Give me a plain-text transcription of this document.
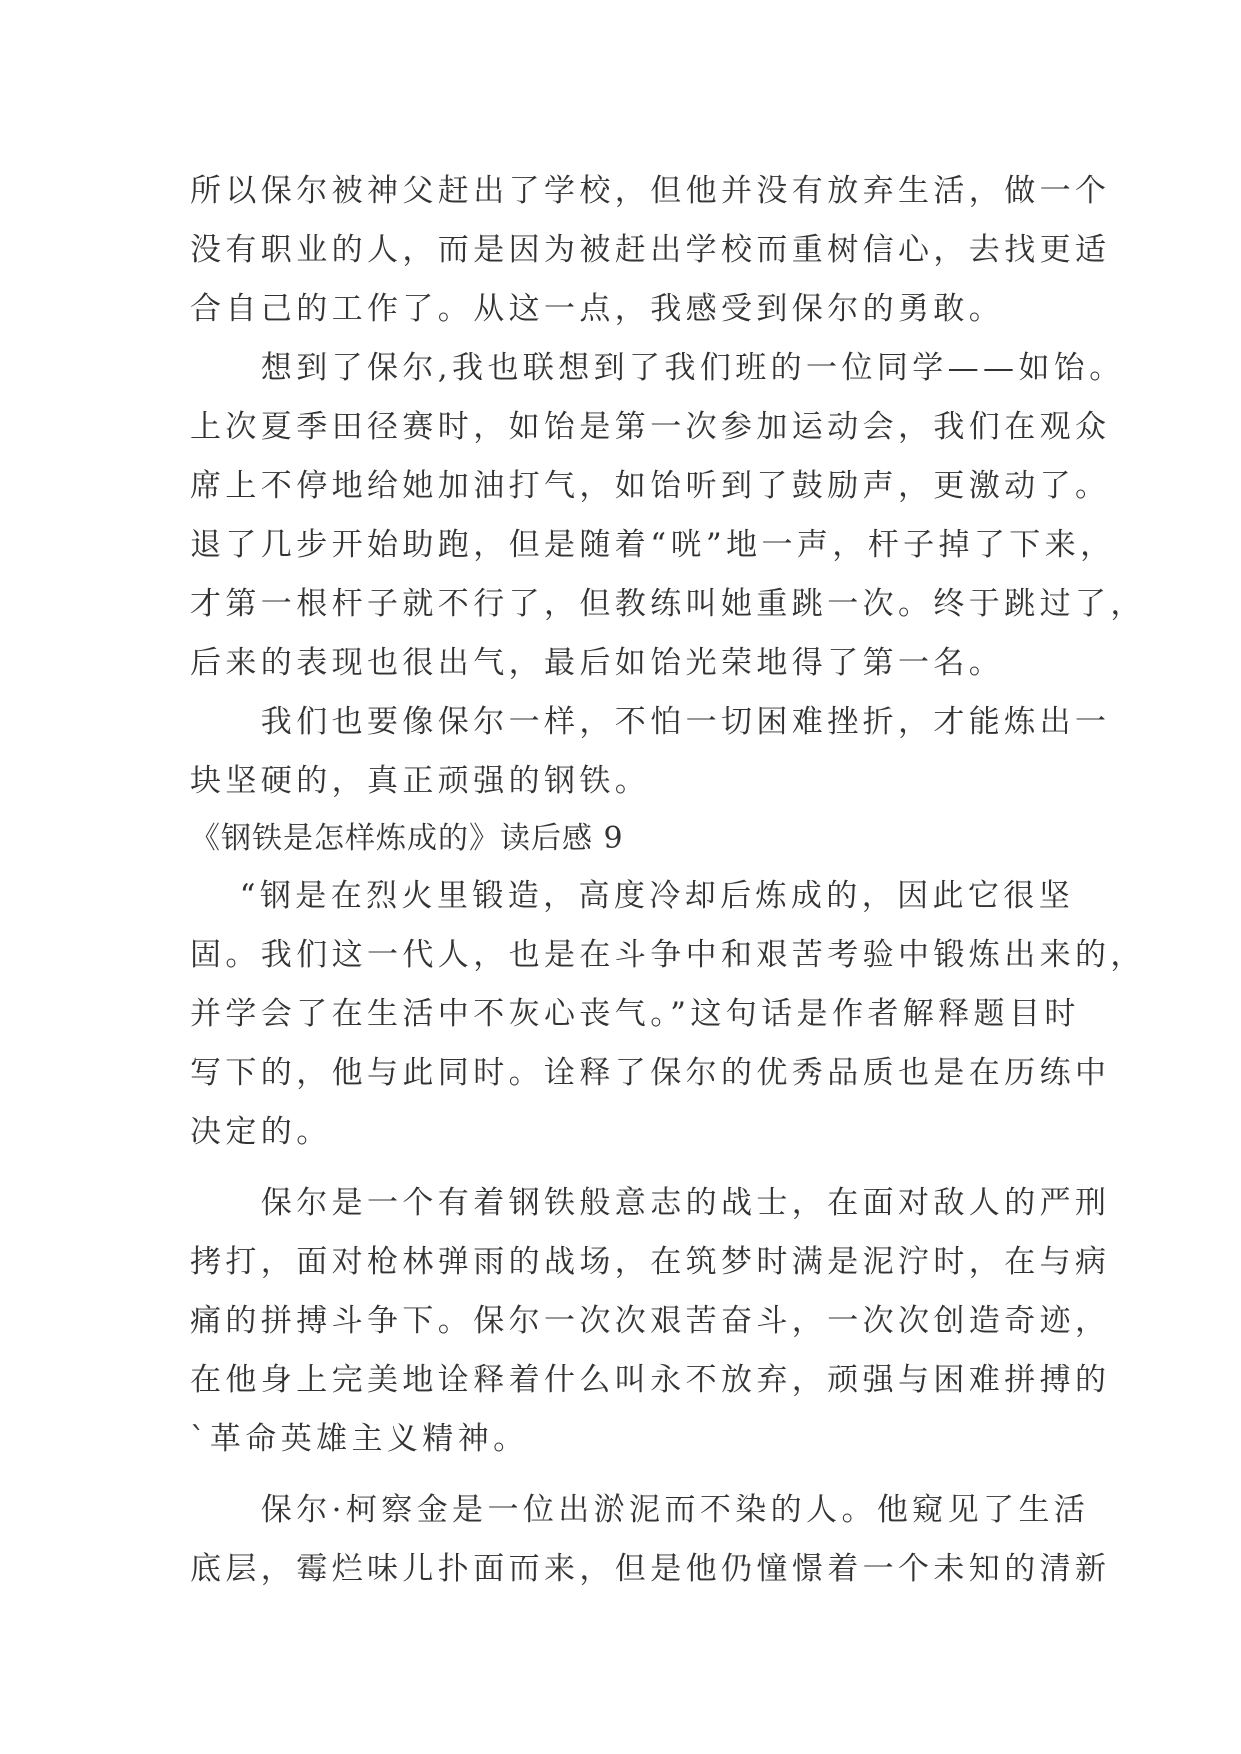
所以保尔被神父赶出了学校，但他并没有放弃生活，做一个
没有职业的人，而是因为被赶出学校而重树信心，去找更适
合自己的工作了。从这一点，我感受到保尔的勇敢。
　　想到了保尔,我也联想到了我们班的一位同学——如饴。
上次夏季田径赛时，如饴是第一次参加运动会，我们在观众
席上不停地给她加油打气，如饴听到了鼓励声，更激动了。
退了几步开始助跑，但是随着“咣”地一声，杆子掉了下来，
才第一根杆子就不行了，但教练叫她重跳一次。终于跳过了，
后来的表现也很出气，最后如饴光荣地得了第一名。
　　我们也要像保尔一样，不怕一切困难挫折，才能炼出一
块坚硬的，真正顽强的钢铁。
《钢铁是怎样炼成的》读后感 9
　 “钢是在烈火里锻造，高度冷却后炼成的，因此它很坚
固。我们这一代人，也是在斗争中和艰苦考验中锻炼出来的，
并学会了在生活中不灰心丧气。”这句话是作者解释题目时
写下的，他与此同时。诠释了保尔的优秀品质也是在历练中
决定的。
　　保尔是一个有着钢铁般意志的战士，在面对敌人的严刑
拷打，面对枪林弹雨的战场，在筑梦时满是泥泞时，在与病
痛的拼搏斗争下。保尔一次次艰苦奋斗，一次次创造奇迹，
在他身上完美地诠释着什么叫永不放弃，顽强与困难拼搏的
`革命英雄主义精神。
　　保尔·柯察金是一位出淤泥而不染的人。他窥见了生活
底层，霉烂味儿扑面而来，但是他仍憧憬着一个未知的清新
